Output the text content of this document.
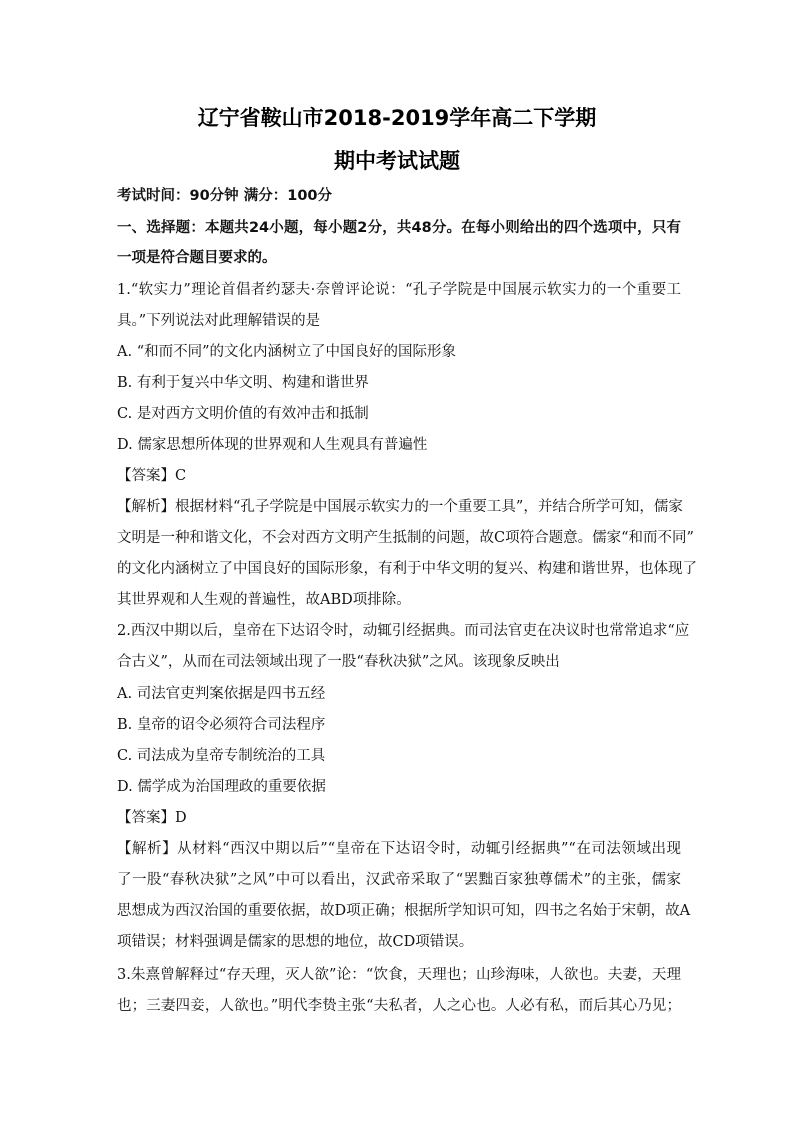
辽宁省鞍山市2018-2019学年高二下学期
期中考试试题
考试时间：90分钟 满分：100分
一、选择题：本题共24小题，每小题2分，共48分。在每小则给出的四个选项中，只有
一项是符合题目要求的。
1.“软实力”理论首倡者约瑟夫·奈曾评论说：“孔子学院是中国展示软实力的一个重要工
具。”下列说法对此理解错误的是
A. “和而不同”的文化内涵树立了中国良好的国际形象
B. 有利于复兴中华文明、构建和谐世界
C. 是对西方文明价值的有效冲击和抵制
D. 儒家思想所体现的世界观和人生观具有普遍性
【答案】C
【解析】根据材料“孔子学院是中国展示软实力的一个重要工具”，并结合所学可知，儒家
文明是一种和谐文化，不会对西方文明产生抵制的问题，故C项符合题意。儒家“和而不同”
的文化内涵树立了中国良好的国际形象，有利于中华文明的复兴、构建和谐世界，也体现了
其世界观和人生观的普遍性，故ABD项排除。
2.西汉中期以后，皇帝在下达诏令时，动辄引经据典。而司法官吏在决议时也常常追求“应
合古义”，从而在司法领域出现了一股“春秋决狱”之风。该现象反映出
A. 司法官吏判案依据是四书五经
B. 皇帝的诏令必须符合司法程序
C. 司法成为皇帝专制统治的工具
D. 儒学成为治国理政的重要依据
【答案】D
【解析】从材料“西汉中期以后”“皇帝在下达诏令时，动辄引经据典”“在司法领域出现
了一股“春秋决狱”之风”中可以看出，汉武帝采取了“罢黜百家独尊儒术”的主张，儒家
思想成为西汉治国的重要依据，故D项正确；根据所学知识可知，四书之名始于宋朝，故A
项错误；材料强调是儒家的思想的地位，故CD项错误。
3.朱熹曾解释过“存天理，灭人欲”论：“饮食，天理也；山珍海味，人欲也。夫妻，天理
也；三妻四妾，人欲也。”明代李贽主张“夫私者，人之心也。人必有私，而后其心乃见；
